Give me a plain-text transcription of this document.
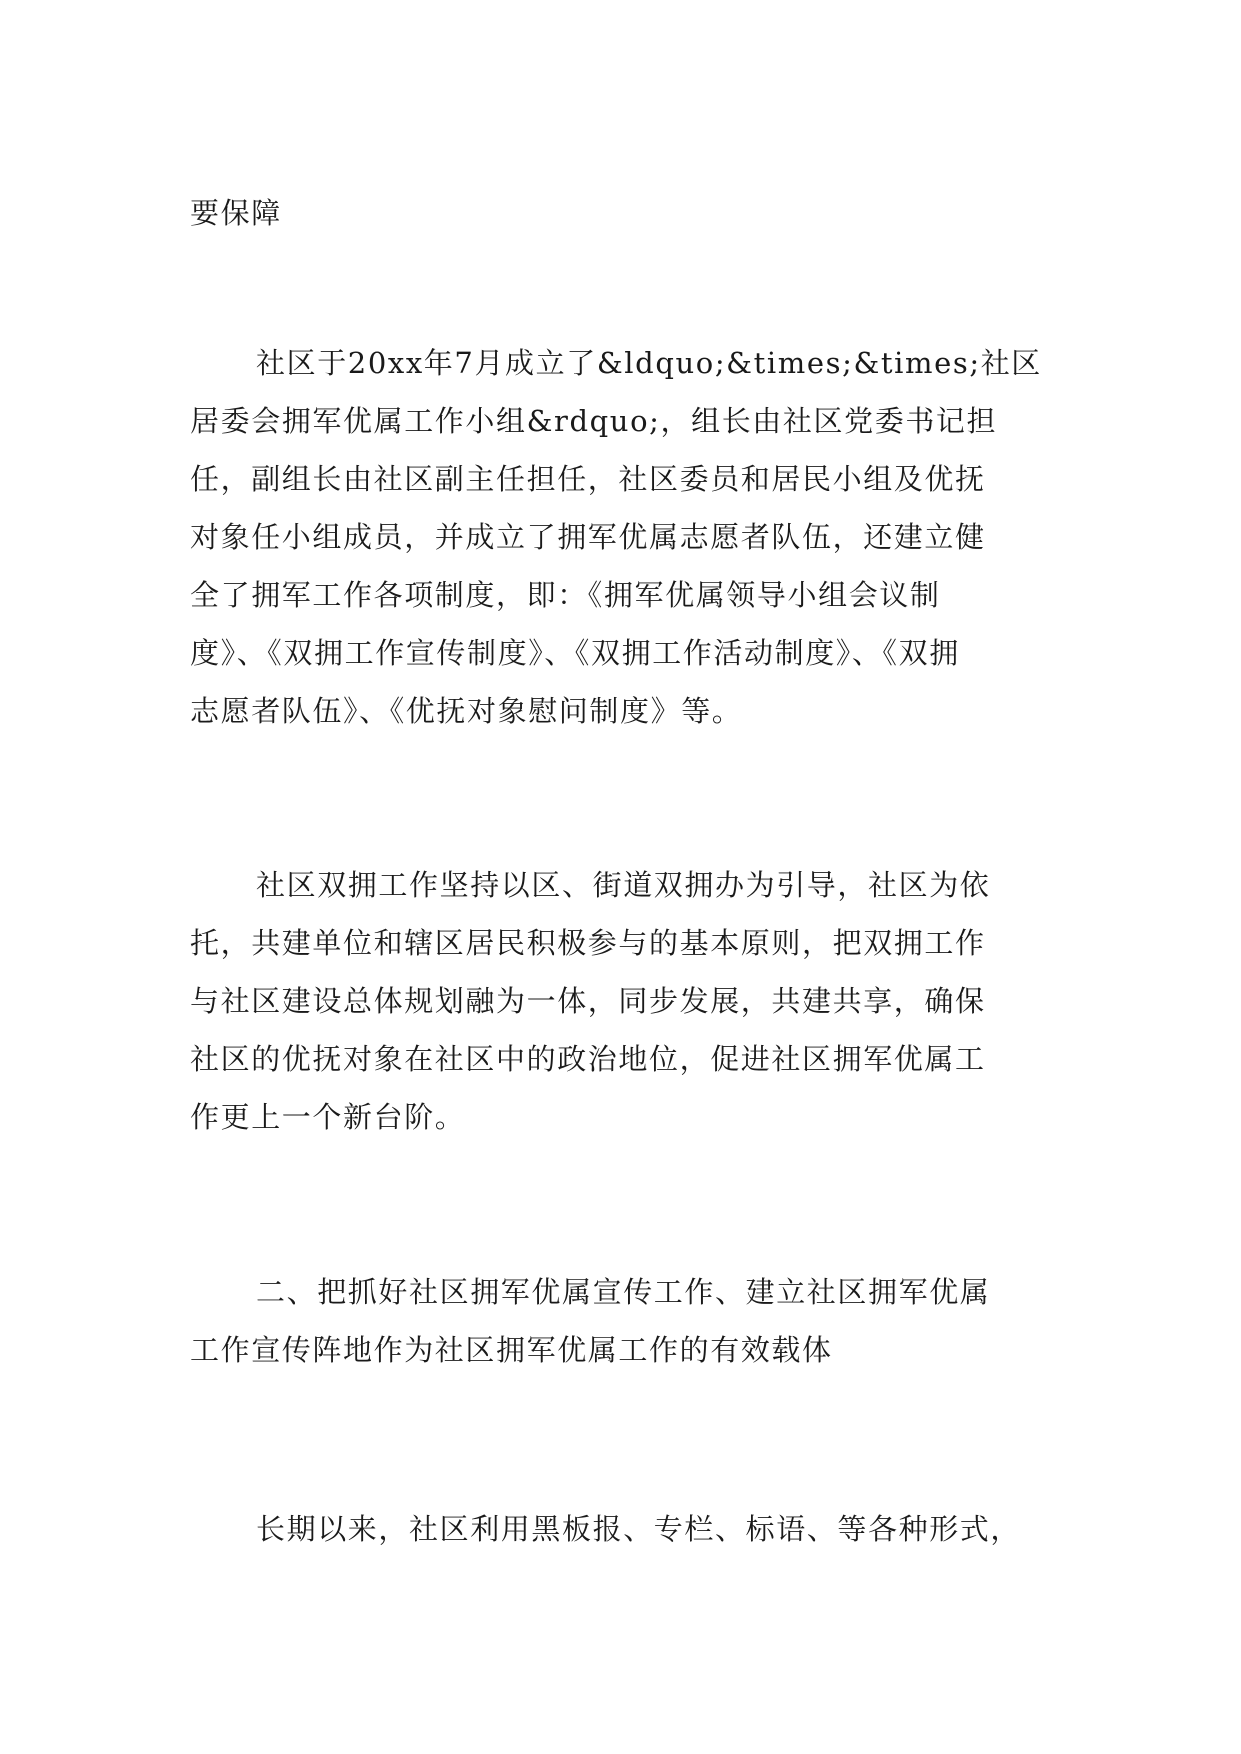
要保障

社区于20xx年7月成立了&ldquo;&times;&times;社区

居委会拥军优属工作小组&rdquo;，组长由社区党委书记担

任，副组长由社区副主任担任，社区委员和居民小组及优抚

对象任小组成员，并成立了拥军优属志愿者队伍，还建立健

全了拥军工作各项制度，即：《拥军优属领导小组会议制

度》、《双拥工作宣传制度》、《双拥工作活动制度》、《双拥

志愿者队伍》、《优抚对象慰问制度》等。

社区双拥工作坚持以区、街道双拥办为引导，社区为依

托，共建单位和辖区居民积极参与的基本原则，把双拥工作

与社区建设总体规划融为一体，同步发展，共建共享，确保

社区的优抚对象在社区中的政治地位，促进社区拥军优属工

作更上一个新台阶。

二、把抓好社区拥军优属宣传工作、建立社区拥军优属

工作宣传阵地作为社区拥军优属工作的有效载体

长期以来，社区利用黑板报、专栏、标语、等各种形式，
